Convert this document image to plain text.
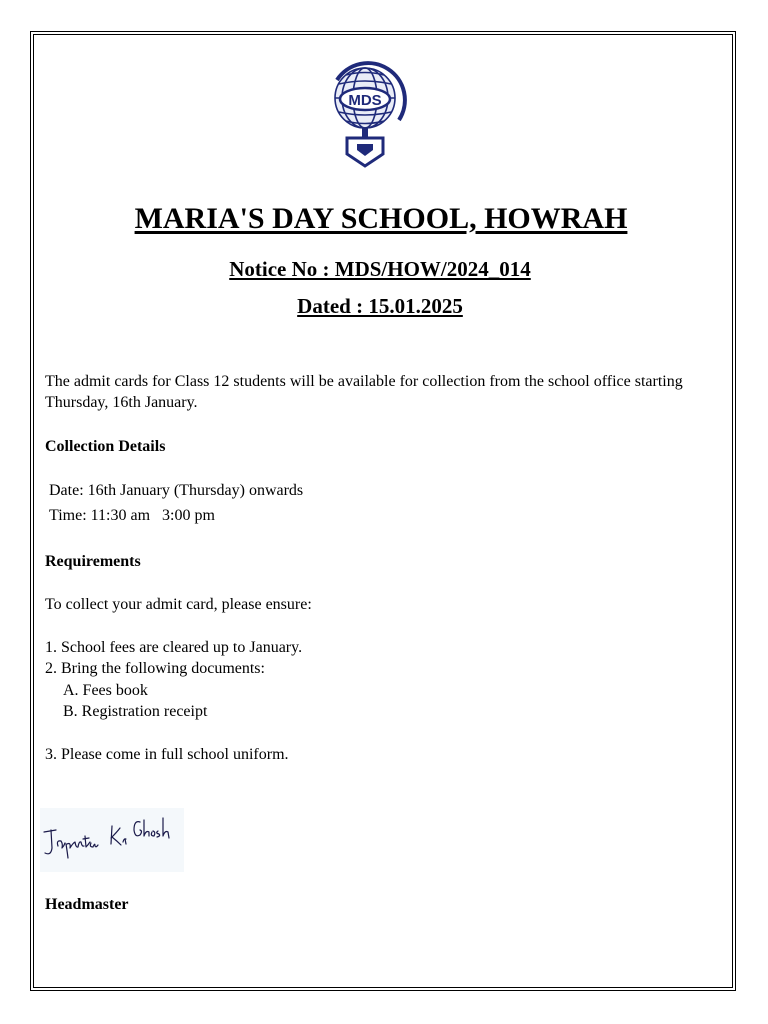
MDS
MARIA'S DAY SCHOOL, HOWRAH
Notice No : MDS/HOW/2024_014
Dated : 15.01.2025

The admit cards for Class 12 students will be available for collection from the school office starting Thursday, 16th January.

Collection Details

Date: 16th January (Thursday) onwards

Time: 11:30 am   3:00 pm

Requirements

To collect your admit card, please ensure:

1. School fees are cleared up to January.

2. Bring the following documents:

A. Fees book

B. Registration receipt

3. Please come in full school uniform.

Jayanta Kr Ghosh

Headmaster
